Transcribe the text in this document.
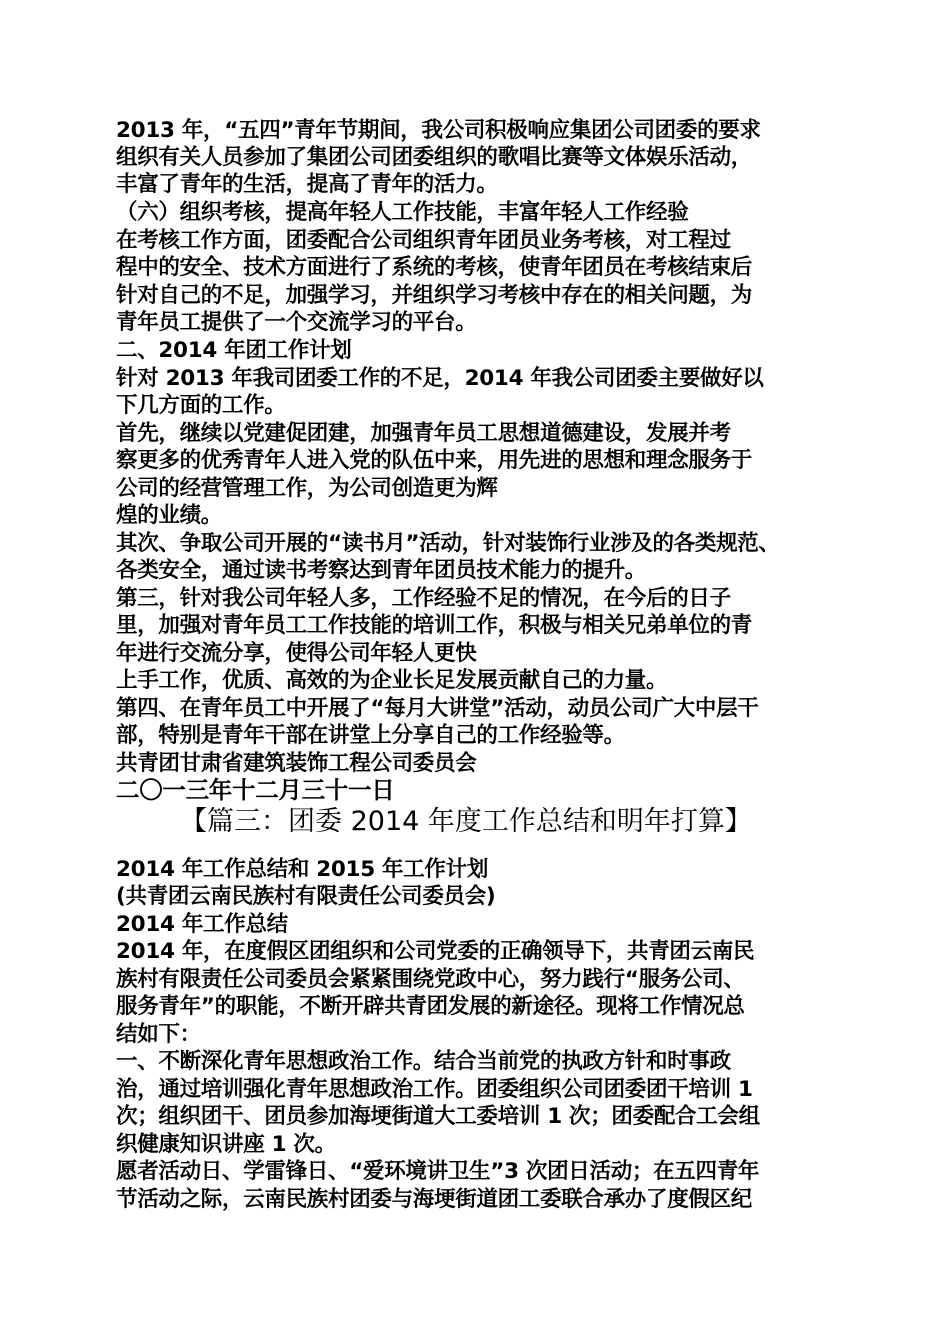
2013 年，“五四”青年节期间，我公司积极响应集团公司团委的要求
组织有关人员参加了集团公司团委组织的歌唱比赛等文体娱乐活动，
丰富了青年的生活，提高了青年的活力。
（六）组织考核，提高年轻人工作技能，丰富年轻人工作经验
在考核工作方面，团委配合公司组织青年团员业务考核，对工程过
程中的安全、技术方面进行了系统的考核，使青年团员在考核结束后
针对自己的不足，加强学习，并组织学习考核中存在的相关问题，为
青年员工提供了一个交流学习的平台。
二、2014 年团工作计划
针对 2013 年我司团委工作的不足，2014 年我公司团委主要做好以
下几方面的工作。
首先，继续以党建促团建，加强青年员工思想道德建设，发展并考
察更多的优秀青年人进入党的队伍中来，用先进的思想和理念服务于
公司的经营管理工作，为公司创造更为辉
煌的业绩。
其次、争取公司开展的“读书月”活动，针对装饰行业涉及的各类规范、
各类安全，通过读书考察达到青年团员技术能力的提升。
第三，针对我公司年轻人多，工作经验不足的情况，在今后的日子
里，加强对青年员工工作技能的培训工作，积极与相关兄弟单位的青
年进行交流分享，使得公司年轻人更快
上手工作，优质、高效的为企业长足发展贡献自己的力量。
第四、在青年员工中开展了“每月大讲堂”活动，动员公司广大中层干
部，特别是青年干部在讲堂上分享自己的工作经验等。
共青团甘肃省建筑装饰工程公司委员会
二〇一三年十二月三十一日
【篇三：团委 2014 年度工作总结和明年打算】
2014 年工作总结和 2015 年工作计划
(共青团云南民族村有限责任公司委员会)
2014 年工作总结
2014 年，在度假区团组织和公司党委的正确领导下，共青团云南民
族村有限责任公司委员会紧紧围绕党政中心，努力践行“服务公司、
服务青年”的职能，不断开辟共青团发展的新途径。现将工作情况总
结如下：
一、不断深化青年思想政治工作。结合当前党的执政方针和时事政
治，通过培训强化青年思想政治工作。团委组织公司团委团干培训 1
次；组织团干、团员参加海埂街道大工委培训 1 次；团委配合工会组
织健康知识讲座 1 次。
愿者活动日、学雷锋日、“爱环境讲卫生”3 次团日活动；在五四青年
节活动之际，云南民族村团委与海埂街道团工委联合承办了度假区纪
